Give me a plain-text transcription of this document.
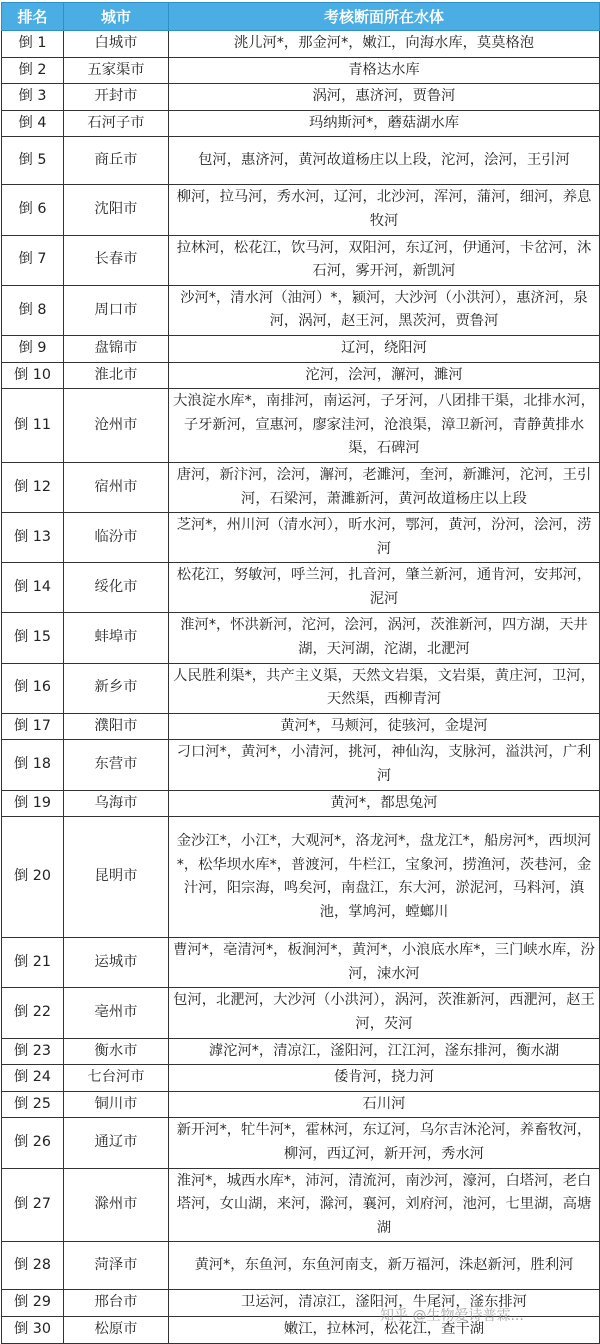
排名	城市	考核断面所在水体
倒 1	白城市	洮儿河*，那金河*，嫩江，向海水库，莫莫格泡
倒 2	五家渠市	青格达水库
倒 3	开封市	涡河，惠济河，贾鲁河
倒 4	石河子市	玛纳斯河*，蘑菇湖水库
倒 5	商丘市	包河，惠济河，黄河故道杨庄以上段，沱河，浍河，王引河
倒 6	沈阳市	柳河，拉马河，秀水河，辽河，北沙河，浑河，蒲河，细河，养息牧河
倒 7	长春市	拉林河，松花江，饮马河，双阳河，东辽河，伊通河，卡岔河，沐石河，雾开河，新凯河
倒 8	周口市	沙河*，清水河（油河）*，颍河，大沙河（小洪河），惠济河，泉河，涡河，赵王河，黑茨河，贾鲁河
倒 9	盘锦市	辽河，绕阳河
倒 10	淮北市	沱河，浍河，澥河，濉河
倒 11	沧州市	大浪淀水库*，南排河，南运河，子牙河，八团排干渠，北排水河，子牙新河，宣惠河，廖家洼河，沧浪渠，漳卫新河，青静黄排水渠，石碑河
倒 12	宿州市	唐河，新汴河，浍河，澥河，老濉河，奎河，新濉河，沱河，王引河，石梁河，萧濉新河，黄河故道杨庄以上段
倒 13	临汾市	芝河*，州川河（清水河），昕水河，鄂河，黄河，汾河，浍河，涝河
倒 14	绥化市	松花江，努敏河，呼兰河，扎音河，肇兰新河，通肯河，安邦河，泥河
倒 15	蚌埠市	淮河*，怀洪新河，沱河，浍河，涡河，茨淮新河，四方湖，天井湖，天河湖，沱湖，北淝河
倒 16	新乡市	人民胜利渠*，共产主义渠，天然文岩渠，文岩渠，黄庄河，卫河，天然渠，西柳青河
倒 17	濮阳市	黄河*，马颊河，徒骇河，金堤河
倒 18	东营市	刁口河*，黄河*，小清河，挑河，神仙沟，支脉河，溢洪河，广利河
倒 19	乌海市	黄河*，都思兔河
倒 20	昆明市	金沙江*，小江*，大观河*，洛龙河*，盘龙江*，船房河*，西坝河*，松华坝水库*，普渡河，牛栏江，宝象河，捞渔河，茨巷河，金汁河，阳宗海，鸣矣河，南盘江，东大河，淤泥河，马料河，滇池，掌鸠河，螳螂川
倒 21	运城市	曹河*，亳清河*，板涧河*，黄河*，小浪底水库*，三门峡水库，汾河，涑水河
倒 22	亳州市	包河，北淝河，大沙河（小洪河），涡河，茨淮新河，西淝河，赵王河，芡河
倒 23	衡水市	滹沱河*，清凉江，滏阳河，江江河，滏东排河，衡水湖
倒 24	七台河市	倭肯河，挠力河
倒 25	铜川市	石川河
倒 26	通辽市	新开河*，牤牛河*，霍林河，东辽河，乌尔吉沐沦河，养畜牧河，柳河，西辽河，新开河，秀水河
倒 27	滁州市	淮河*，城西水库*，沛河，清流河，南沙河，濠河，白塔河，老白塔河，女山湖，来河，滁河，襄河，刘府河，池河，七里湖，高塘湖
倒 28	菏泽市	黄河*，东鱼河，东鱼河南支，新万福河，洙赵新河，胜利河
倒 29	邢台市	卫运河，清凉江，滏阳河，牛尾河，滏东排河
倒 30	松原市	嫩江，拉林河，松花江，查干湖
知乎 @生物爱诗普霖...
